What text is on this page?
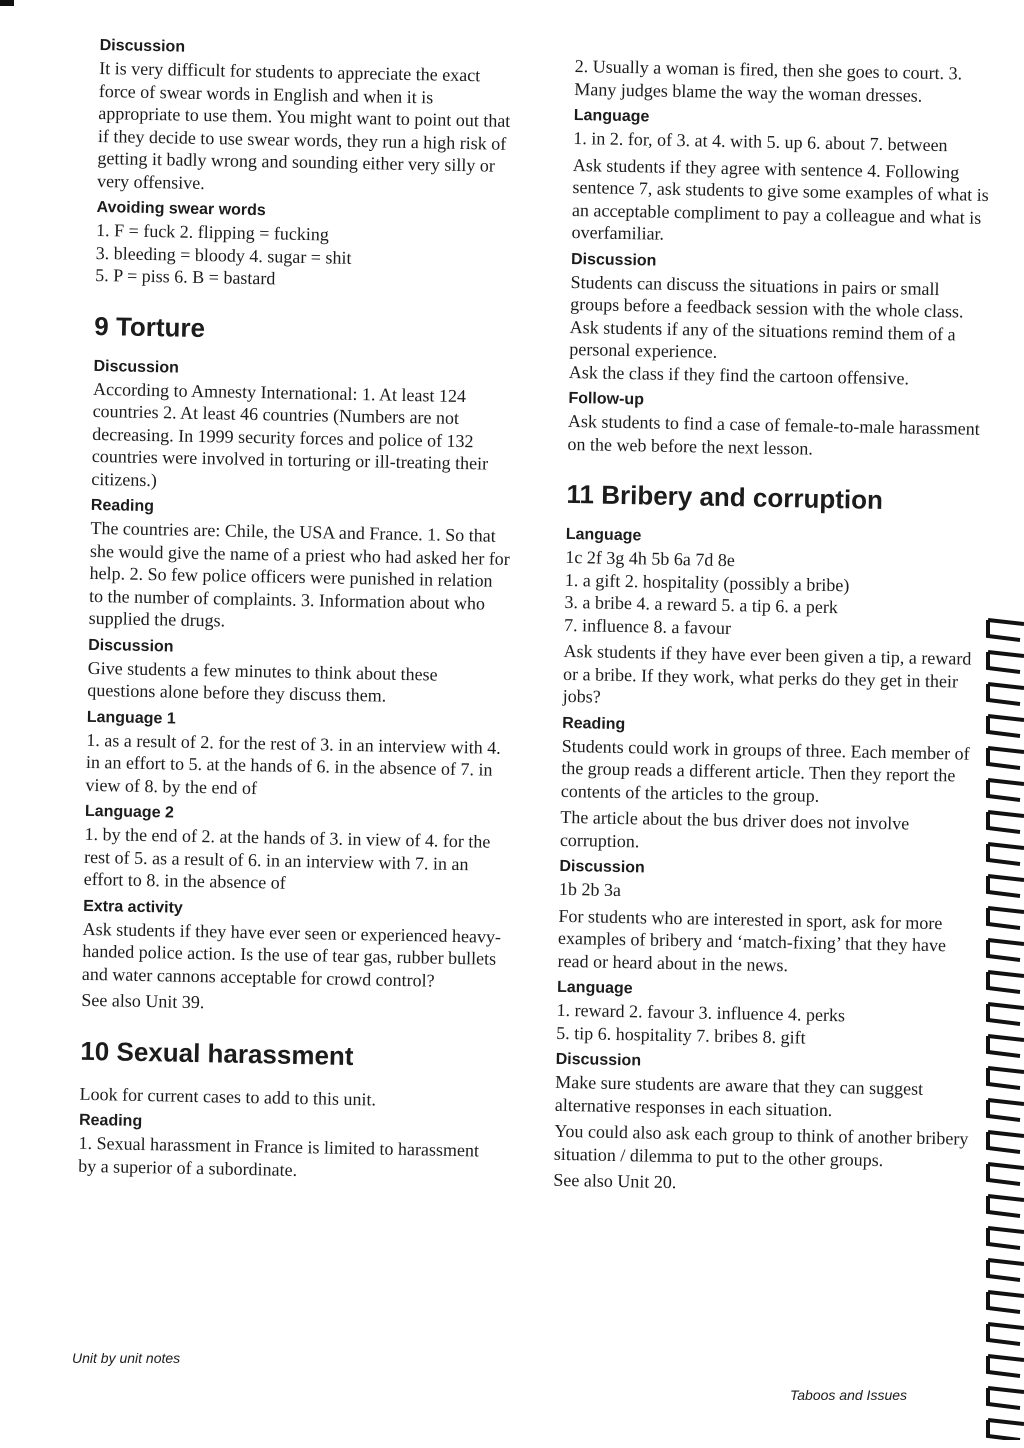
Discussion
It is very difficult for students to appreciate the exact force of swear words in English and when it is appropriate to use them. You might want to point out that if they decide to use swear words, they run a high risk of getting it badly wrong and sounding either very silly or very offensive.
Avoiding swear words
1. F = fuck 2. flipping = fucking
3. bleeding = bloody 4. sugar = shit
5. P = piss 6. B = bastard
9 Torture
Discussion
According to Amnesty International: 1. At least 124 countries 2. At least 46 countries (Numbers are not decreasing. In 1999 security forces and police of 132 countries were involved in torturing or ill-treating their citizens.)
Reading
The countries are: Chile, the USA and France. 1. So that she would give the name of a priest who had asked her for help. 2. So few police officers were punished in relation to the number of complaints. 3. Information about who supplied the drugs.
Discussion
Give students a few minutes to think about these questions alone before they discuss them.
Language 1
1. as a result of 2. for the rest of 3. in an interview with 4. in an effort to 5. at the hands of 6. in the absence of 7. in view of 8. by the end of
Language 2
1. by the end of 2. at the hands of 3. in view of 4. for the rest of 5. as a result of 6. in an interview with 7. in an effort to 8. in the absence of
Extra activity
Ask students if they have ever seen or experienced heavy-handed police action. Is the use of tear gas, rubber bullets and water cannons acceptable for crowd control?
See also Unit 39.
10 Sexual harassment
Look for current cases to add to this unit.
Reading
1. Sexual harassment in France is limited to harassment by a superior of a subordinate.
2. Usually a woman is fired, then she goes to court. 3. Many judges blame the way the woman dresses.
Language
1. in 2. for, of 3. at 4. with 5. up 6. about 7. between
Ask students if they agree with sentence 4. Following sentence 7, ask students to give some examples of what is an acceptable compliment to pay a colleague and what is overfamiliar.
Discussion
Students can discuss the situations in pairs or small groups before a feedback session with the whole class. Ask students if any of the situations remind them of a personal experience.
Ask the class if they find the cartoon offensive.
Follow-up
Ask students to find a case of female-to-male harassment on the web before the next lesson.
11 Bribery and corruption
Language
1c 2f 3g 4h 5b 6a 7d 8e
1. a gift 2. hospitality (possibly a bribe)
3. a bribe 4. a reward 5. a tip 6. a perk
7. influence 8. a favour
Ask students if they have ever been given a tip, a reward or a bribe. If they work, what perks do they get in their jobs?
Reading
Students could work in groups of three. Each member of the group reads a different article. Then they report the contents of the articles to the group.
The article about the bus driver does not involve corruption.
Discussion
1b 2b 3a
For students who are interested in sport, ask for more examples of bribery and ‘match-fixing’ that they have read or heard about in the news.
Language
1. reward 2. favour 3. influence 4. perks
5. tip 6. hospitality 7. bribes 8. gift
Discussion
Make sure students are aware that they can suggest alternative responses in each situation.
You could also ask each group to think of another bribery situation / dilemma to put to the other groups.
See also Unit 20.
Unit by unit notes
Taboos and Issues
